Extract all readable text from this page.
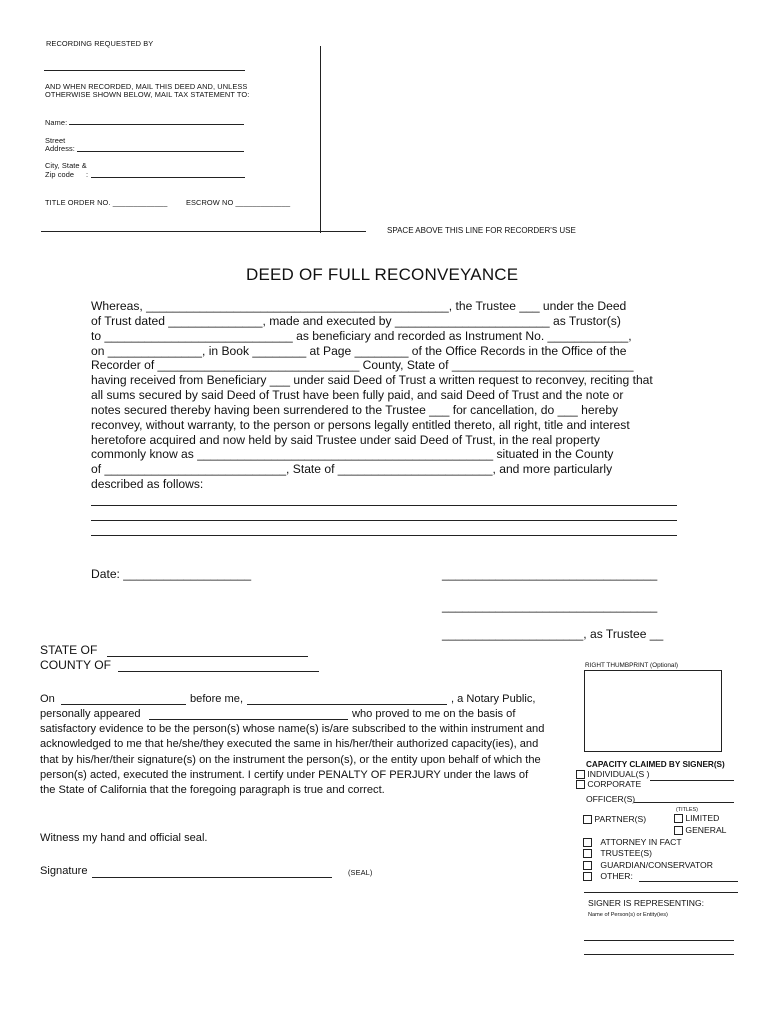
RECORDING REQUESTED BY
AND WHEN RECORDED, MAIL THIS DEED AND, UNLESS
OTHERWISE SHOWN BELOW, MAIL TAX STATEMENT TO:
Name:
Street
Address:
City, State &
Zip code :
TITLE ORDER NO. _____________	ESCROW NO _____________
SPACE ABOVE THIS LINE FOR RECORDER'S USE
DEED OF FULL RECONVEYANCE
Whereas, _____________________________________________, the Trustee ___ under the Deed
of Trust dated ______________, made and executed by _______________________ as Trustor(s)
to ____________________________ as beneficiary and recorded as Instrument No. ____________,
on ______________, in Book ________ at Page ________ of the Office Records in the Office of the
Recorder of ______________________________ County, State of ___________________________
having received from Beneficiary ___ under said Deed of Trust a written request to reconvey, reciting that
all sums secured by said Deed of Trust have been fully paid, and said Deed of Trust and the note or
notes secured thereby having been surrendered to the Trustee ___ for cancellation, do ___ hereby
reconvey, without warranty, to the person or persons legally entitled thereto, all right, title and interest
heretofore acquired and now held by said Trustee under said Deed of Trust, in the real property
commonly know as ____________________________________________ situated in the County
of ___________________________, State of _______________________, and more particularly
described as follows:
Date: ___________________	________________________________
________________________________
_____________________, as Trustee __
STATE OF
COUNTY OF
On	before me,	, a Notary Public,
personally appeared	who proved to me on the basis of
satisfactory evidence to be the person(s) whose name(s) is/are subscribed to the within instrument and
acknowledged to me that he/she/they executed the same in his/her/their authorized capacity(ies), and
that by his/her/their signature(s) on the instrument the person(s), or the entity upon behalf of which the
person(s) acted, executed the instrument. I certify under PENALTY OF PERJURY under the laws of
the State of California that the foregoing paragraph is true and correct.
Witness my hand and official seal.
Signature	(SEAL)
RIGHT THUMBPRINT (Optional)
CAPACITY CLAIMED BY SIGNER(S)
INDIVIDUAL(S )
CORPORATE
OFFICER(S)
(TITLES)
PARTNER(S)	LIMITED
GENERAL
ATTORNEY IN FACT
TRUSTEE(S)
GUARDIAN/CONSERVATOR
OTHER:
SIGNER IS REPRESENTING:
Name of Person(s) or Entity(ies)
